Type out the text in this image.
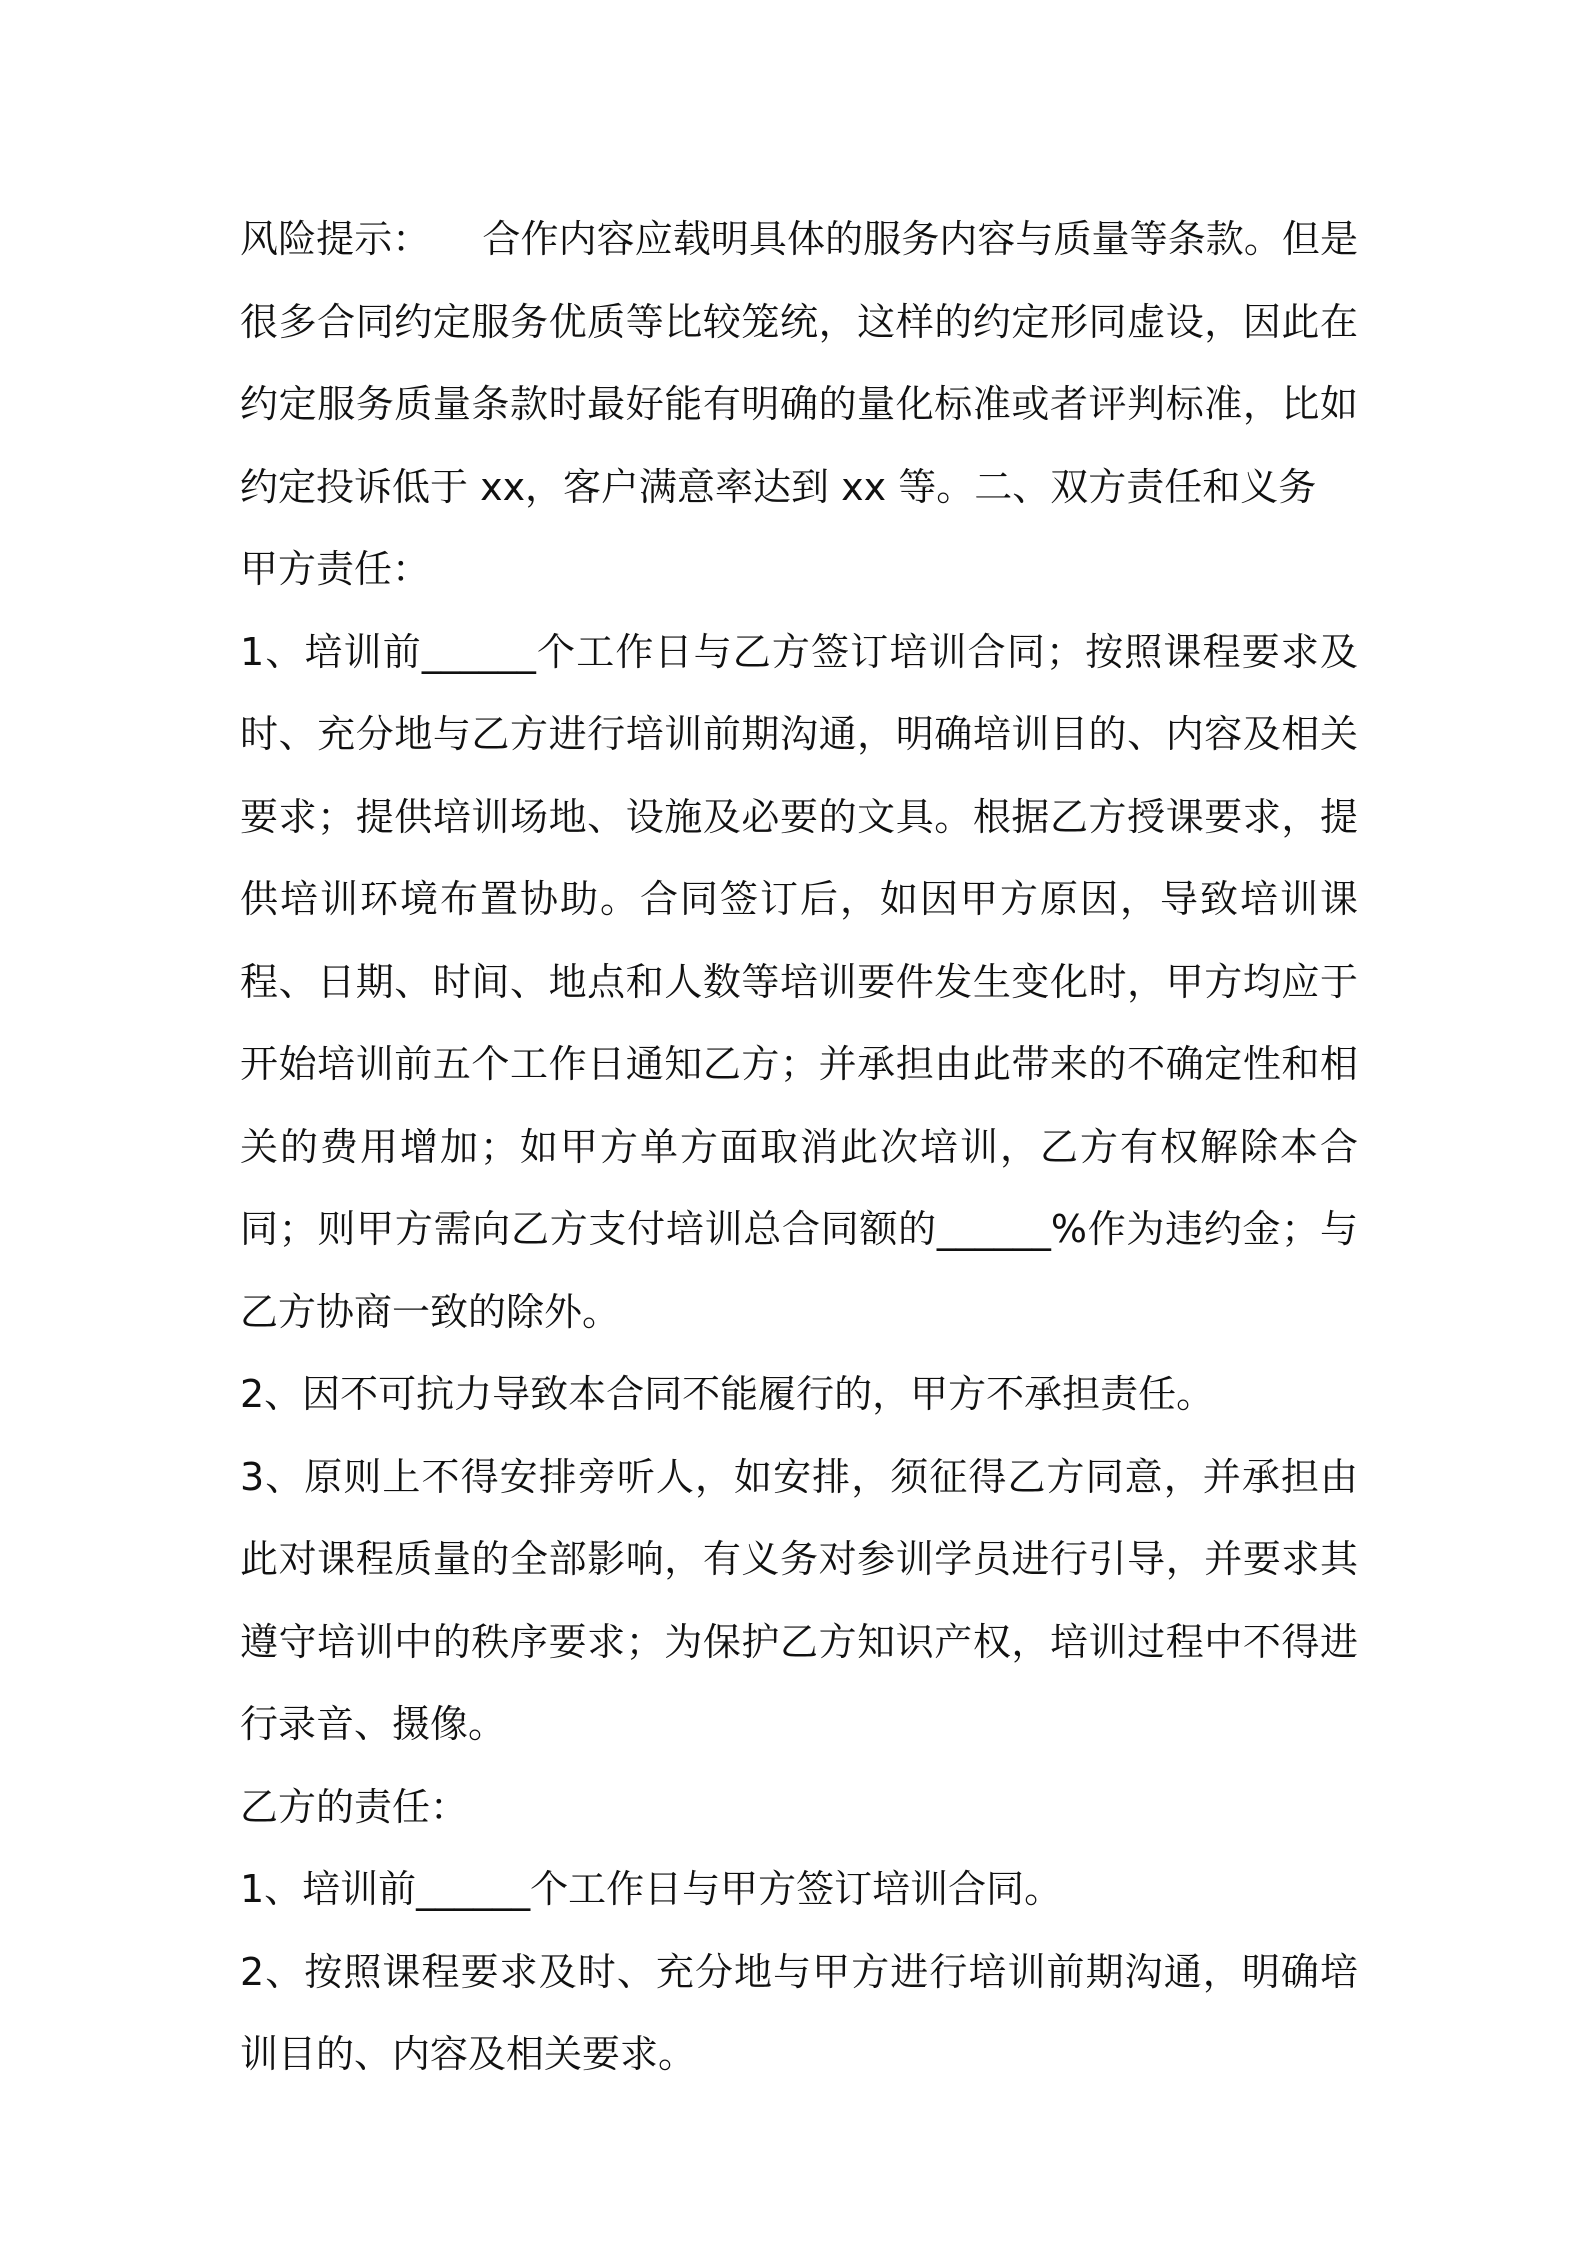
风险提示： 合作内容应载明具体的服务内容与质量等条款。但是很多合同约定服务优质等比较笼统，这样的约定形同虚设，因此在约定服务质量条款时最好能有明确的量化标准或者评判标准，比如约定投诉低于 xx，客户满意率达到 xx 等。二、双方责任和义务

甲方责任：

1、培训前______个工作日与乙方签订培训合同；按照课程要求及时、充分地与乙方进行培训前期沟通，明确培训目的、内容及相关要求；提供培训场地、设施及必要的文具。根据乙方授课要求，提供培训环境布置协助。合同签订后，如因甲方原因，导致培训课程、日期、时间、地点和人数等培训要件发生变化时，甲方均应于开始培训前五个工作日通知乙方；并承担由此带来的不确定性和相关的费用增加；如甲方单方面取消此次培训，乙方有权解除本合同；则甲方需向乙方支付培训总合同额的______%作为违约金；与乙方协商一致的除外。

2、因不可抗力导致本合同不能履行的，甲方不承担责任。

3、原则上不得安排旁听人，如安排，须征得乙方同意，并承担由此对课程质量的全部影响，有义务对参训学员进行引导，并要求其遵守培训中的秩序要求；为保护乙方知识产权，培训过程中不得进行录音、摄像。

乙方的责任：

1、培训前______个工作日与甲方签订培训合同。

2、按照课程要求及时、充分地与甲方进行培训前期沟通，明确培训目的、内容及相关要求。
